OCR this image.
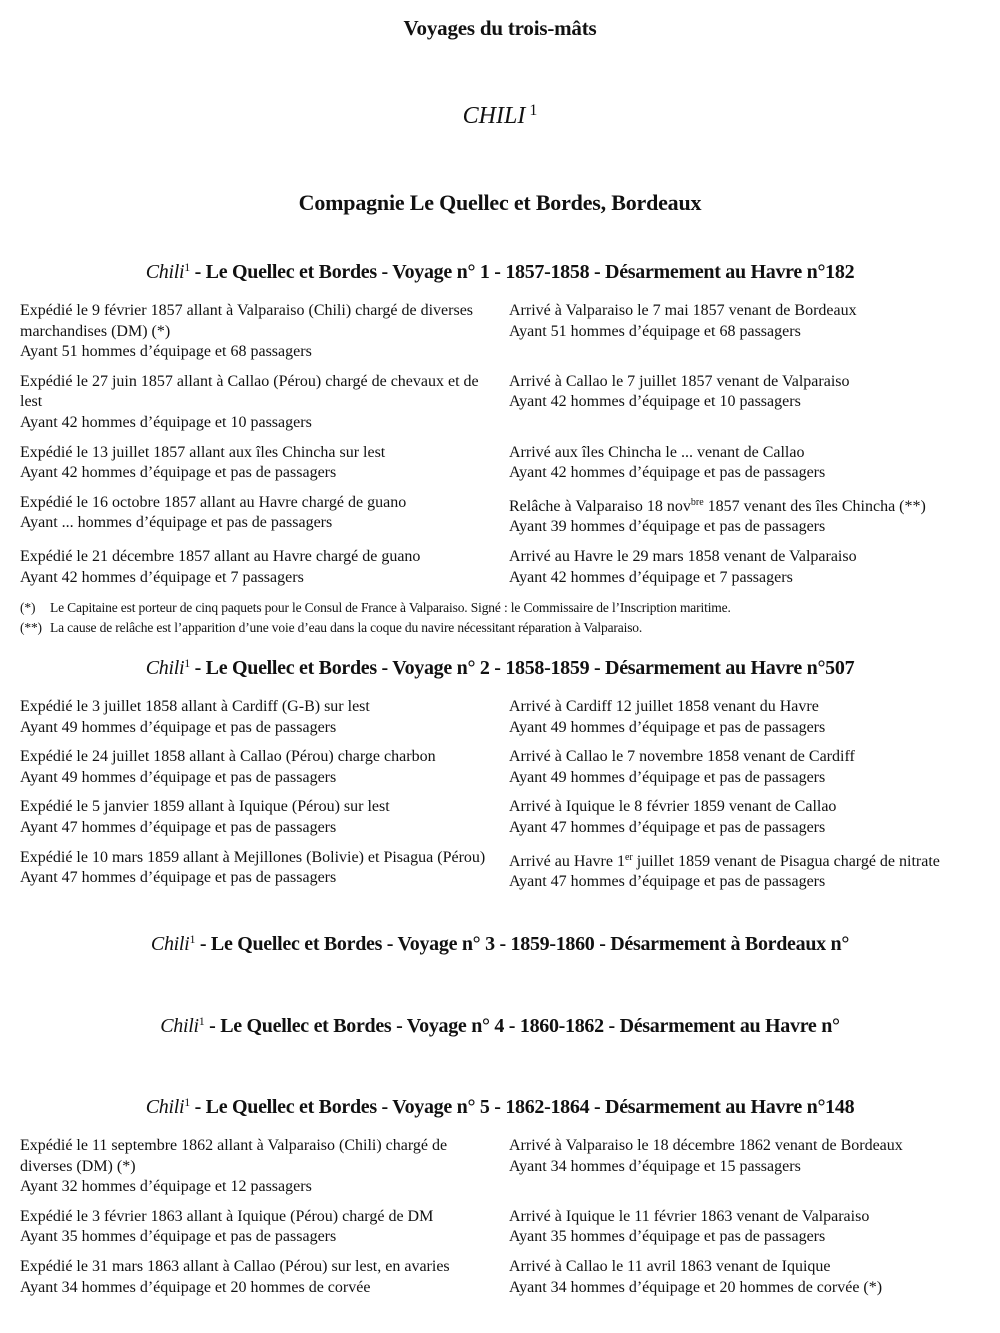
Voyages du trois-mâts
CHILI $^1$
Compagnie Le Quellec et Bordes, Bordeaux
Chili$^1$ - Le Quellec et Bordes - Voyage n° 1 - 1857-1858 - Désarmement au Havre n°182

Expédié le 9 février 1857 allant à Valparaiso (Chili) chargé de diverses marchandises (DM) (*)

Ayant 51 hommes d’équipage et 68 passagers

Arrivé à Valparaiso le 7 mai 1857 venant de Bordeaux

Ayant 51 hommes d’équipage et 68 passagers

Expédié le 27 juin 1857 allant à Callao (Pérou) chargé de chevaux et de lest

Ayant 42 hommes d’équipage et 10 passagers

Arrivé à Callao le 7 juillet 1857 venant de Valparaiso

Ayant 42 hommes d’équipage et 10 passagers

Expédié le 13 juillet 1857 allant aux îles Chincha sur lest

Ayant 42 hommes d’équipage et pas de passagers

Arrivé aux îles Chincha le ... venant de Callao

Ayant 42 hommes d’équipage et pas de passagers

Expédié le 16 octobre 1857 allant au Havre chargé de guano

Ayant ... hommes d’équipage et pas de passagers

Relâche à Valparaiso 18 nov$^{bre}$ 1857 venant des îles Chincha (**)

Ayant 39 hommes d’équipage et pas de passagers

Expédié le 21 décembre 1857 allant au Havre chargé de guano

Ayant 42 hommes d’équipage et 7 passagers

Arrivé au Havre le 29 mars 1858 venant de Valparaiso

Ayant 42 hommes d’équipage et 7 passagers

(*) Le Capitaine est porteur de cinq paquets pour le Consul de France à Valparaiso. Signé : le Commissaire de l’Inscription maritime.

(**) La cause de relâche est l’apparition d’une voie d’eau dans la coque du navire nécessitant réparation à Valparaiso.

Chili$^1$ - Le Quellec et Bordes - Voyage n° 2 - 1858-1859 - Désarmement au Havre n°507

Expédié le 3 juillet 1858 allant à Cardiff (G-B) sur lest

Ayant 49 hommes d’équipage et pas de passagers

Arrivé à Cardiff 12 juillet 1858 venant du Havre

Ayant 49 hommes d’équipage et pas de passagers

Expédié le 24 juillet 1858 allant à Callao (Pérou) charge charbon

Ayant 49 hommes d’équipage et pas de passagers

Arrivé à Callao le 7 novembre 1858 venant de Cardiff

Ayant 49 hommes d’équipage et pas de passagers

Expédié le 5 janvier 1859 allant à Iquique (Pérou) sur lest

Ayant 47 hommes d’équipage et pas de passagers

Arrivé à Iquique le 8 février 1859 venant de Callao

Ayant 47 hommes d’équipage et pas de passagers

Expédié le 10 mars 1859 allant à Mejillones (Bolivie) et Pisagua (Pérou)

Ayant 47 hommes d’équipage et pas de passagers

Arrivé au Havre 1er juillet 1859 venant de Pisagua chargé de nitrate

Ayant 47 hommes d’équipage et pas de passagers

Chili$^1$ - Le Quellec et Bordes - Voyage n° 3 - 1859-1860 - Désarmement à Bordeaux n°
Chili$^1$ - Le Quellec et Bordes - Voyage n° 4 - 1860-1862 - Désarmement au Havre n°
Chili$^1$ - Le Quellec et Bordes - Voyage n° 5 - 1862-1864 - Désarmement au Havre n°148

Expédié le 11 septembre 1862 allant à Valparaiso (Chili) chargé de diverses (DM) (*)

Ayant 32 hommes d’équipage et 12 passagers

Arrivé à Valparaiso le 18 décembre 1862 venant de Bordeaux

Ayant 34 hommes d’équipage et 15 passagers

Expédié le 3 février 1863 allant à Iquique (Pérou) chargé de DM

Ayant 35 hommes d’équipage et pas de passagers

Arrivé à Iquique le 11 février 1863 venant de Valparaiso

Ayant 35 hommes d’équipage et pas de passagers

Expédié le 31 mars 1863 allant à Callao (Pérou) sur lest, en avaries

Ayant 34 hommes d’équipage et 20 hommes de corvée

Arrivé à Callao le 11 avril 1863 venant de Iquique

Ayant 34 hommes d’équipage et 20 hommes de corvée (*)
